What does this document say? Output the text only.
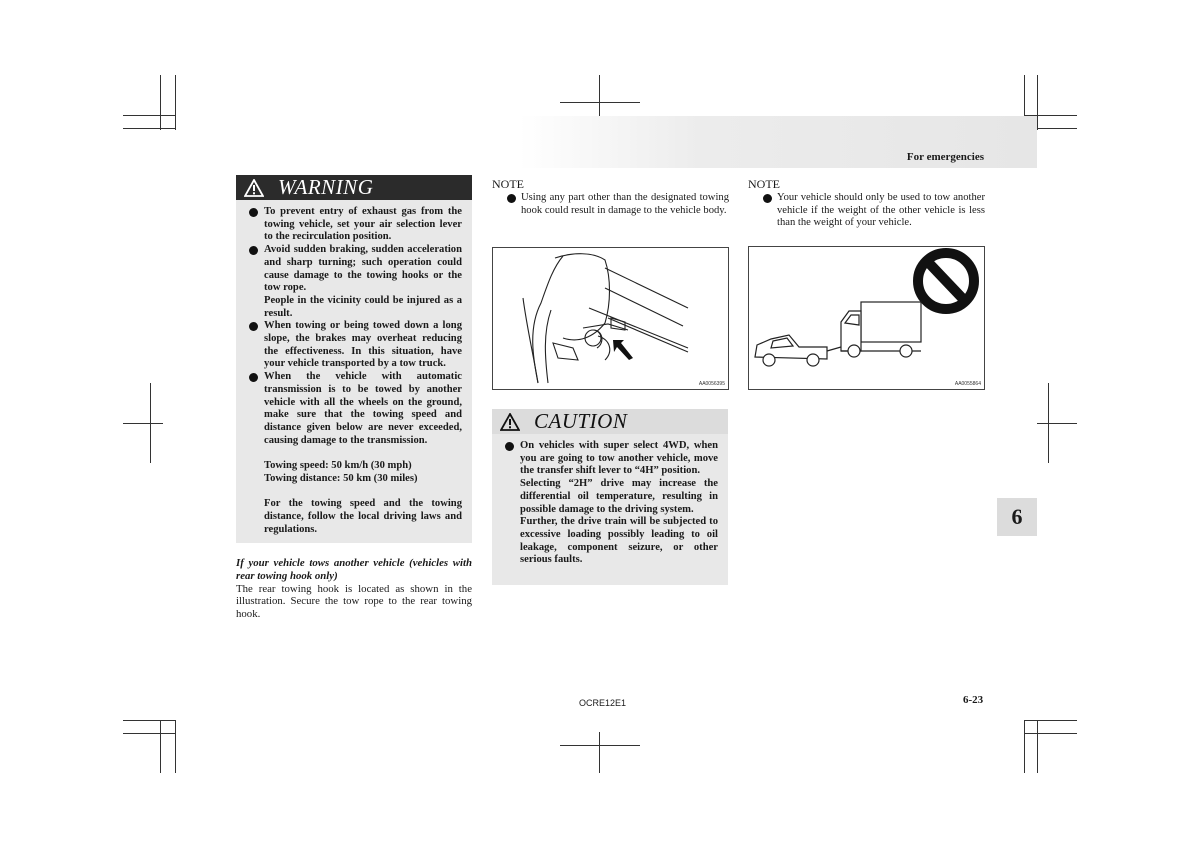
For emergencies
6
WARNING
To prevent entry of exhaust gas from the towing vehicle, set your air selection lever to the recirculation position.
Avoid sudden braking, sudden acceleration and sharp turning; such operation could cause damage to the towing hooks or the tow rope.
People in the vicinity could be injured as a result.
When towing or being towed down a long slope, the brakes may overheat reducing the effectiveness. In this situation, have your vehicle transported by a tow truck.
When the vehicle with automatic transmission is to be towed by another vehicle with all the wheels on the ground, make sure that the towing speed and distance given below are never exceeded, causing damage to the transmission.
Towing speed: 50 km/h (30 mph)
Towing distance: 50 km (30 miles)
For the towing speed and the towing distance, follow the local driving laws and regulations.
If your vehicle tows another vehicle (vehicles with rear towing hook only)
The rear towing hook is located as shown in the illustration. Secure the tow rope to the rear towing hook.
NOTE
Using any part other than the designated towing hook could result in damage to the vehicle body.
AA0056395
CAUTION
On vehicles with super select 4WD, when you are going to tow another vehicle, move the transfer shift lever to “4H” position.
Selecting “2H” drive may increase the differential oil temperature, resulting in possible damage to the driving system.
Further, the drive train will be subjected to excessive loading possibly leading to oil leakage, component seizure, or other serious faults.
NOTE
Your vehicle should only be used to tow another vehicle if the weight of the other vehicle is less than the weight of your vehicle.
AA0055864
OCRE12E1	6-23
